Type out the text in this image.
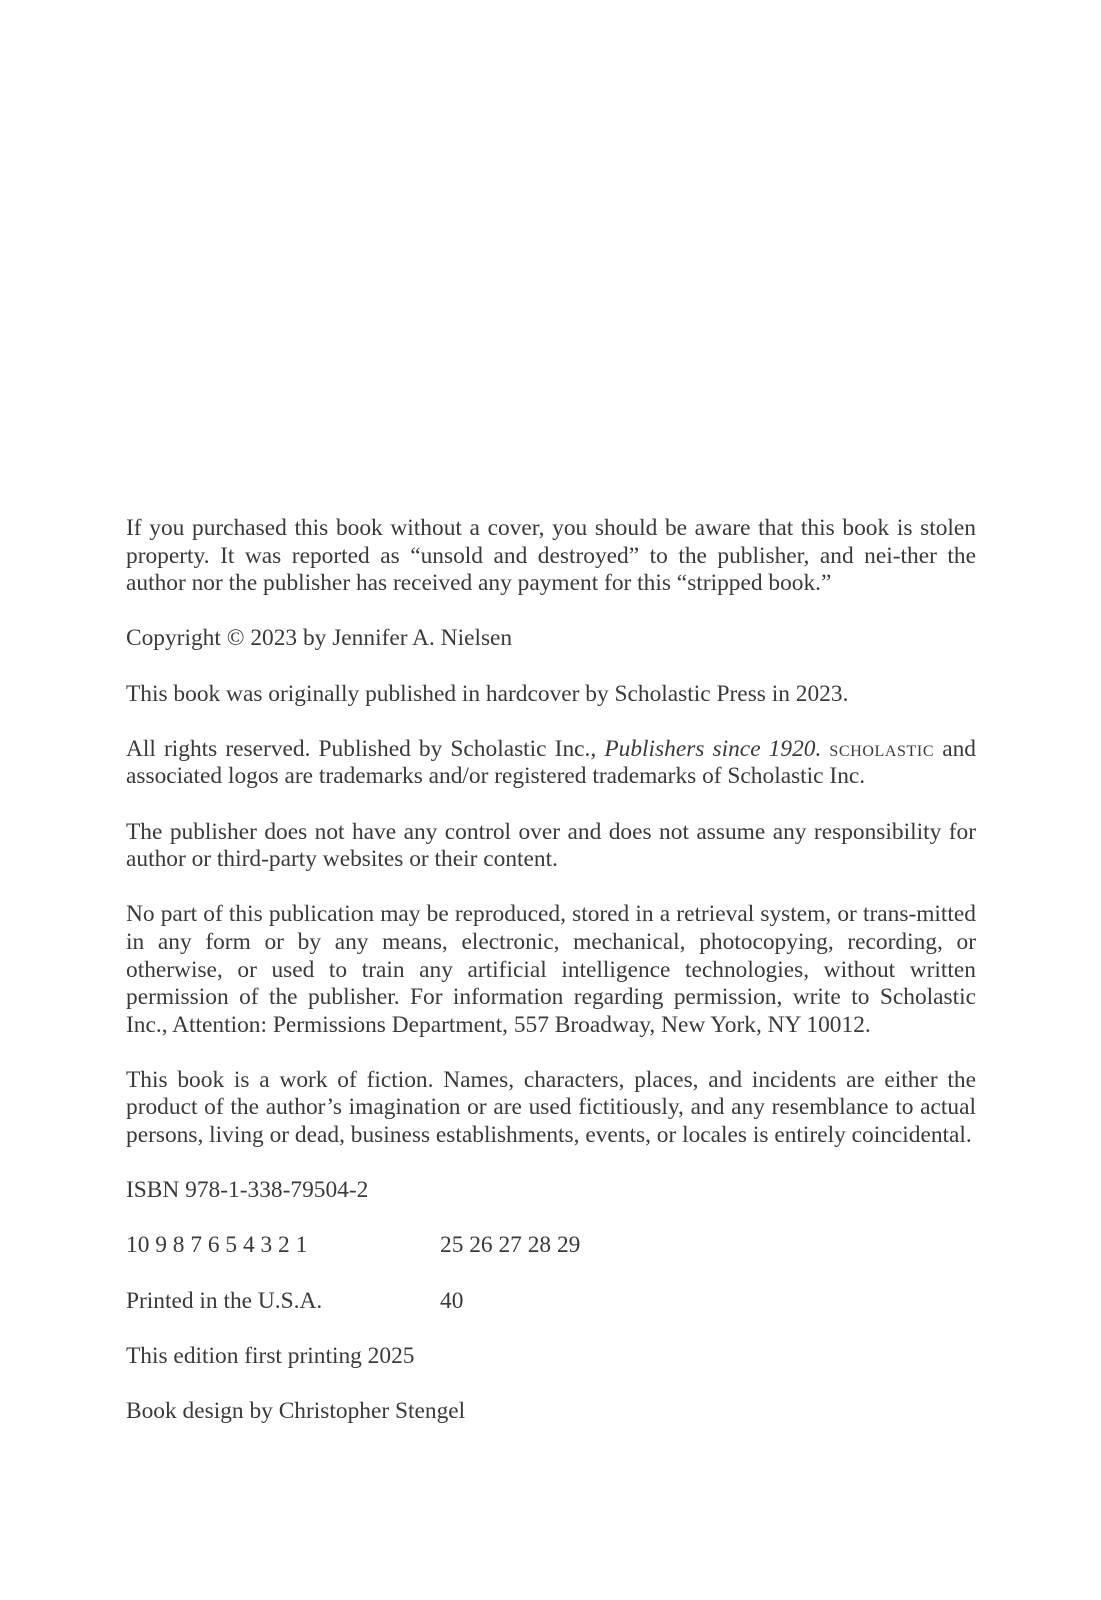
If you purchased this book without a cover, you should be aware that this book is stolen property. It was reported as “unsold and destroyed” to the publisher, and nei-ther the author nor the publisher has received any payment for this “stripped book.”

Copyright © 2023 by Jennifer A. Nielsen

This book was originally published in hardcover by Scholastic Press in 2023.

All rights reserved. Published by Scholastic Inc., Publishers since 1920. scholastic and associated logos are trademarks and/or registered trademarks of Scholastic Inc.

The publisher does not have any control over and does not assume any responsibility for author or third-party websites or their content.

No part of this publication may be reproduced, stored in a retrieval system, or trans-mitted in any form or by any means, electronic, mechanical, photocopying, recording, or otherwise, or used to train any artificial intelligence technologies, without written permission of the publisher. For information regarding permission, write to Scholastic Inc., Attention: Permissions Department, 557 Broadway, New York, NY 10012.

This book is a work of fiction. Names, characters, places, and incidents are either the product of the author’s imagination or are used fictitiously, and any resemblance to actual persons, living or dead, business establishments, events, or locales is entirely coincidental.

ISBN 978-1-338-79504-2

10 9 8 7 6 5 4 3 2 1	25 26 27 28 29
Printed in the U.S.A.	40

This edition first printing 2025

Book design by Christopher Stengel
